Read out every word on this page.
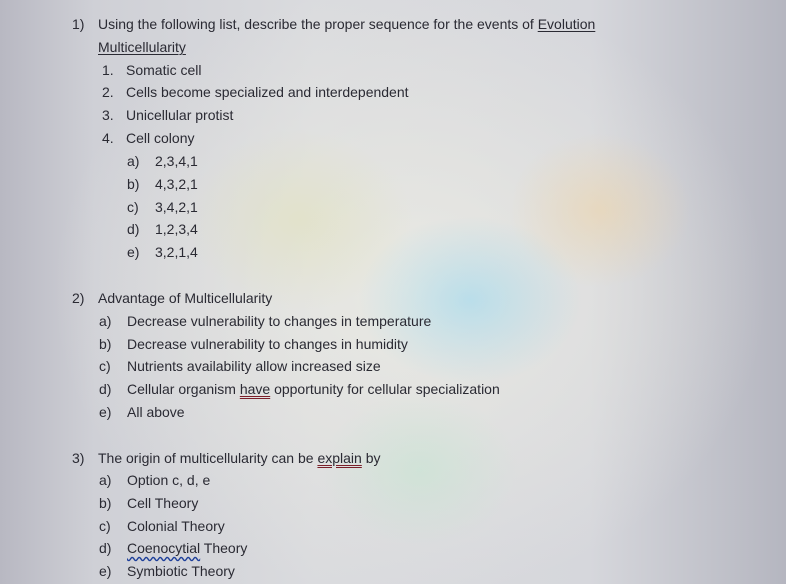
1) Using the following list, describe the proper sequence for the events of Evolution
Multicellularity
1. Somatic cell
2. Cells become specialized and interdependent
3. Unicellular protist
4. Cell colony
a) 2,3,4,1
b) 4,3,2,1
c) 3,4,2,1
d) 1,2,3,4
e) 3,2,1,4
2) Advantage of Multicellularity
a) Decrease vulnerability to changes in temperature
b) Decrease vulnerability to changes in humidity
c) Nutrients availability allow increased size
d) Cellular organism have opportunity for cellular specialization
e) All above
3) The origin of multicellularity can be explain by
a) Option c, d, e
b) Cell Theory
c) Colonial Theory
d) Coenocytial Theory
e) Symbiotic Theory
